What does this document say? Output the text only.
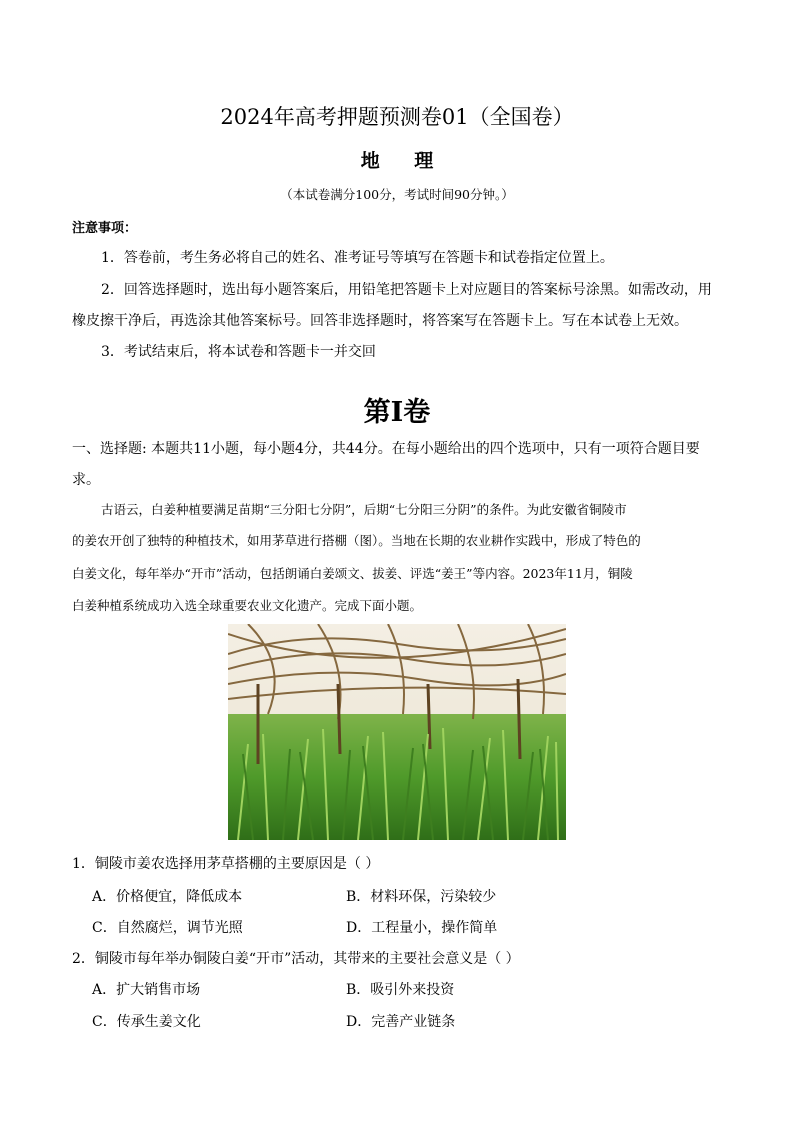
2024年高考押题预测卷01（全国卷）
地 理
（本试卷满分100分，考试时间90分钟。）
注意事项：
1．答卷前，考生务必将自己的姓名、准考证号等填写在答题卡和试卷指定位置上。
2．回答选择题时，选出每小题答案后，用铅笔把答题卡上对应题目的答案标号涂黑。如需改动，用
橡皮擦干净后，再选涂其他答案标号。回答非选择题时，将答案写在答题卡上。写在本试卷上无效。
3．考试结束后，将本试卷和答题卡一并交回
第I卷
一、选择题: 本题共11小题，每小题4分，共44分。在每小题给出的四个选项中，只有一项符合题目要
求。
古语云，白姜种植要满足苗期“三分阳七分阴”，后期“七分阳三分阴”的条件。为此安徽省铜陵市
的姜农开创了独特的种植技术，如用茅草进行搭棚（图）。当地在长期的农业耕作实践中，形成了特色的
白姜文化，每年举办“开市”活动，包括朗诵白姜颂文、拔姜、评选“姜王”等内容。2023年11月，铜陵
白姜种植系统成功入选全球重要农业文化遗产。完成下面小题。
1．铜陵市姜农选择用茅草搭棚的主要原因是（ ）
A．价格便宜，降低成本	B．材料环保，污染较少
C．自然腐烂，调节光照	D．工程量小，操作简单
2．铜陵市每年举办铜陵白姜“开市”活动，其带来的主要社会意义是（ ）
A．扩大销售市场	B．吸引外来投资
C．传承生姜文化	D．完善产业链条
